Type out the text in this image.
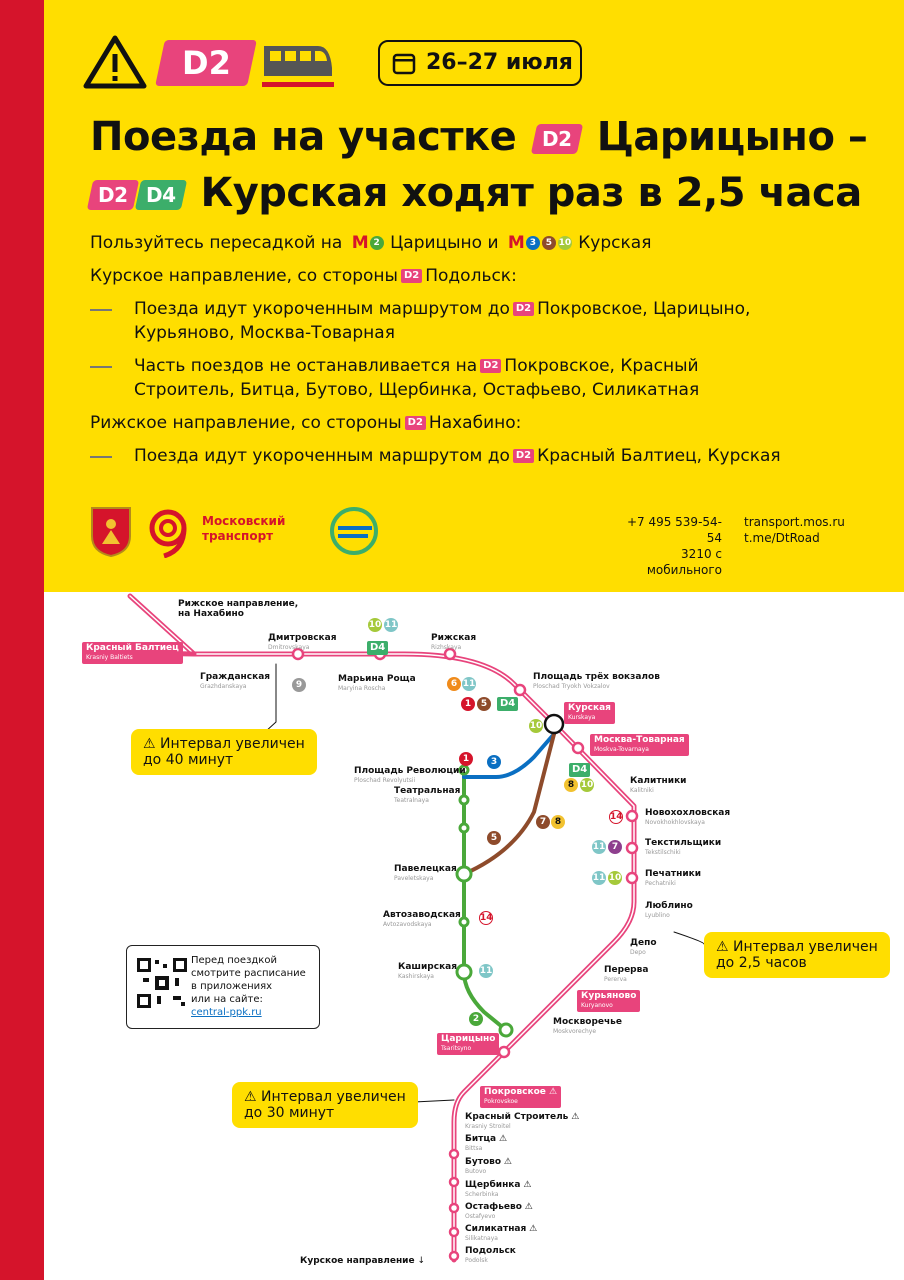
D2	26–27 июля
Поезда на участке D2 Царицыно –
D2 D4 Курская ходят раз в 2,5 часа
Пользуйтесь пересадкой на M 2 Царицыно и M 3 5 10 Курская
Курское направление, со стороны D2 Подольск:
Поезда идут укороченным маршрутом до D2 Покровское, Царицыно,
Курьяново, Москва-Товарная
Часть поездов не останавливается на D2 Покровское, Красный
Строитель, Битца, Бутово, Щербинка, Остафьево, Силикатная
Рижское направление, со стороны D2 Нахабино:
Поезда идут укороченным маршрутом до D2 Красный Балтиец, Курская
Московский
транспорт
+7 495 539-54-54
3210 с мобильного
transport.mos.ru
t.me/DtRoad
9
10 11
D4
6 11
1	5	D4
10
D4
8 10
1	3
5
7 8	14
11 7
11 10
14
11
2
Рижское направление,
на Нахабино
Красный Балтиец
Krasniy Baltiets
Гражданская
Grazhdanskaya
Дмитровская
Dmitrovskaya
Марьина Роща
Maryina Roscha
Рижская
Rizhskaya
Площадь трёх вокзалов
Ploschad Tryokh Vokzalov
Курская
Kurskaya
Москва-Товарная
Moskva-Tovarnaya
Калитники
Kalitniki
Новохохловская
Novokhokhlovskaya
Текстильщики
Tekstilschiki
Печатники
Pechatniki
Люблино
Lyublino
Депо
Depo
Перерва
Pererva
Курьяново
Kuryanovo
Москворечье
Moskvorechye
Царицыно
Tsaritsyno
Покровское ⚠
Pokrovskoe
Красный Строитель ⚠
Krasniy Stroitel
Битца ⚠
Bittsa
Бутово ⚠
Butovo
Щербинка ⚠
Scherbinka
Остафьево ⚠
Ostafyevo
Силикатная ⚠
Silikatnaya
Подольск
Podolsk
Курское направление ↓
Площадь Революции
Ploschad Revolyutsii
Театральная
Teatralnaya
Павелецкая
Paveletskaya
Автозаводская
Avtozavodskaya
Каширская
Kashirskaya
⚠ Интервал увеличен
до 40 минут
⚠ Интервал увеличен
до 2,5 часов
⚠ Интервал увеличен
до 30 минут
Перед поездкой
смотрите расписание
в приложениях
или на сайте:
central-ppk.ru
